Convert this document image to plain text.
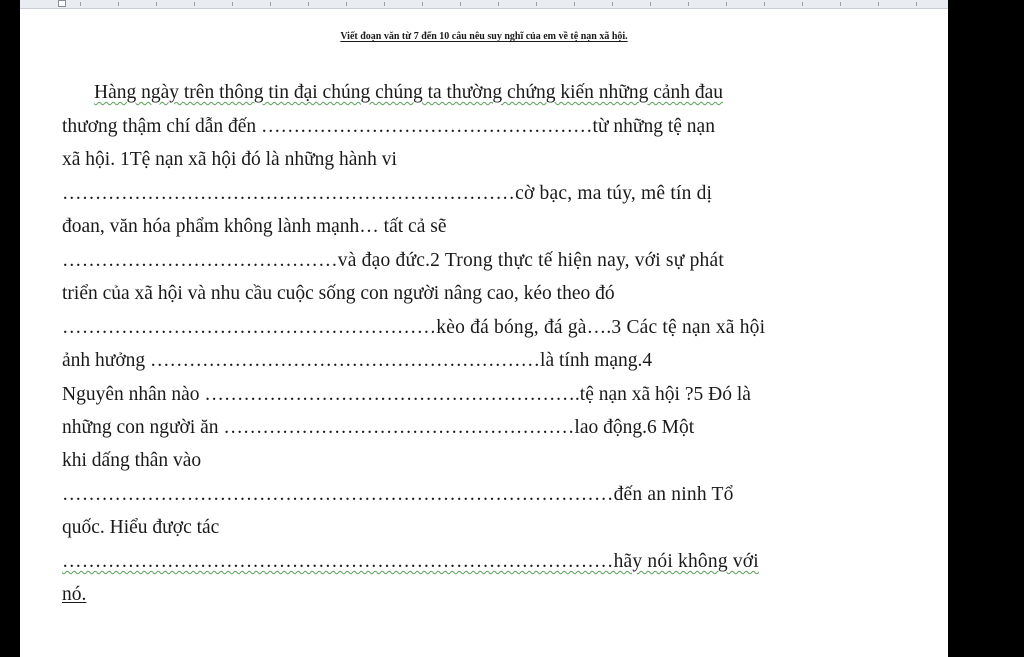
Viết đoạn văn từ 7 đến 10 câu nêu suy nghĩ của em về tệ nạn xã hội.
Hàng ngày trên thông tin đại chúng chúng ta thường chứng kiến những cảnh đau
thương thậm chí dẫn đến ……………………………………………từ những tệ nạn
xã hội. 1Tệ nạn xã hội đó là những hành vi
……………………………………………………………cờ bạc, ma túy, mê tín dị
đoan, văn hóa phẩm không lành mạnh… tất cả sẽ
……………………………………và đạo đức.2 Trong thực tế hiện nay, với sự phát
triển của xã hội và nhu cầu cuộc sống con người nâng cao, kéo theo đó
…………………………………………………kèo đá bóng, đá gà….3 Các tệ nạn xã hội
ảnh hưởng ……………………………………………………là tính mạng.4
Nguyên nhân nào ………………………………………………….tệ nạn xã hội ?5 Đó là
những con người ăn ………………………………………………lao động.6 Một
khi dấng thân vào
…………………………………………………………………………đến an ninh Tổ
quốc. Hiểu được tác
…………………………………………………………………………hãy nói không với
nó.
